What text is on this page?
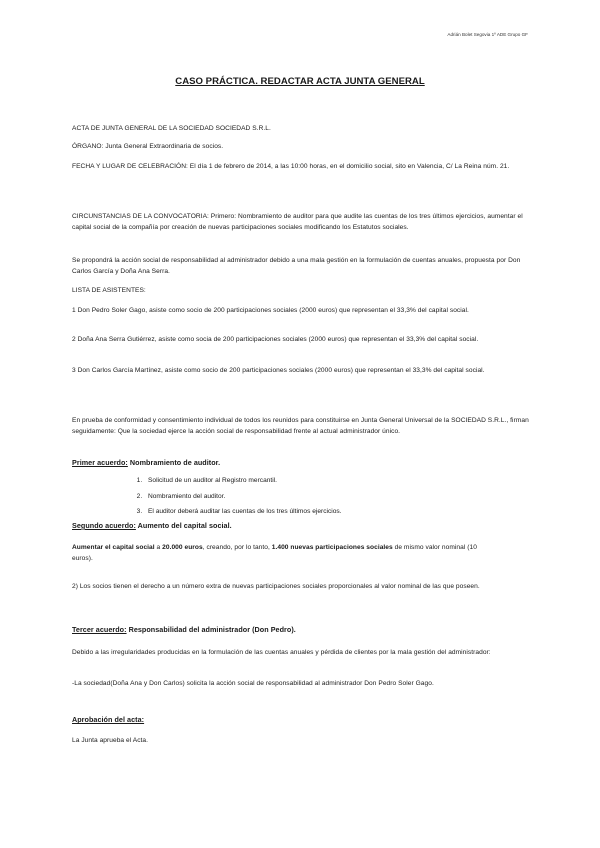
Adrián Bolet Segovia 1º ADE Grupo GF
CASO PRÁCTICA. REDACTAR ACTA JUNTA GENERAL
ACTA DE JUNTA GENERAL DE LA SOCIEDAD SOCIEDAD S.R.L.
ÓRGANO: Junta General Extraordinaria de socios.
FECHA Y LUGAR DE CELEBRACIÓN: El día 1 de febrero de 2014, a las 10:00 horas, en el domicilio social, sito en Valencia, C/ La Reina núm. 21.
CIRCUNSTANCIAS DE LA CONVOCATORIA: Primero: Nombramiento de auditor para que audite las cuentas de los tres últimos ejercicios, aumentar el capital social de la compañía por creación de nuevas participaciones sociales modificando los Estatutos sociales.
Se propondrá la acción social de responsabilidad al administrador debido a una mala gestión en la formulación de cuentas anuales, propuesta por Don Carlos García y Doña Ana Serra.
LISTA DE ASISTENTES:
1 Don Pedro Soler Gago, asiste como socio de 200 participaciones sociales (2000 euros) que representan el 33,3% del capital social.
2 Doña Ana Serra Gutiérrez, asiste como socia de 200 participaciones sociales (2000 euros) que representan el 33,3% del capital social.
3 Don Carlos García Martínez, asiste como socio de 200 participaciones sociales (2000 euros) que representan el 33,3% del capital social.
En prueba de conformidad y consentimiento individual de todos los reunidos para constituirse en Junta General Universal de la SOCIEDAD S.R.L., firman seguidamente: Que la sociedad ejerce la acción social de responsabilidad frente al actual administrador único.
Primer acuerdo: Nombramiento de auditor.
1. Solicitud de un auditor al Registro mercantil.
2. Nombramiento del auditor.
3. El auditor deberá auditar las cuentas de los tres últimos ejercicios.
Segundo acuerdo: Aumento del capital social.
Aumentar el capital social a 20.000 euros, creando, por lo tanto, 1.400 nuevas participaciones sociales de mismo valor nominal (10 euros).
2) Los socios tienen el derecho a un número extra de nuevas participaciones sociales proporcionales al valor nominal de las que poseen.
Tercer acuerdo: Responsabilidad del administrador (Don Pedro).
Debido a las irregularidades producidas en la formulación de las cuentas anuales y pérdida de clientes por la mala gestión del administrador:
-La sociedad(Doña Ana y Don Carlos) solicita la acción social de responsabilidad al administrador Don Pedro Soler Gago.
Aprobación del acta:
La Junta aprueba el Acta.
